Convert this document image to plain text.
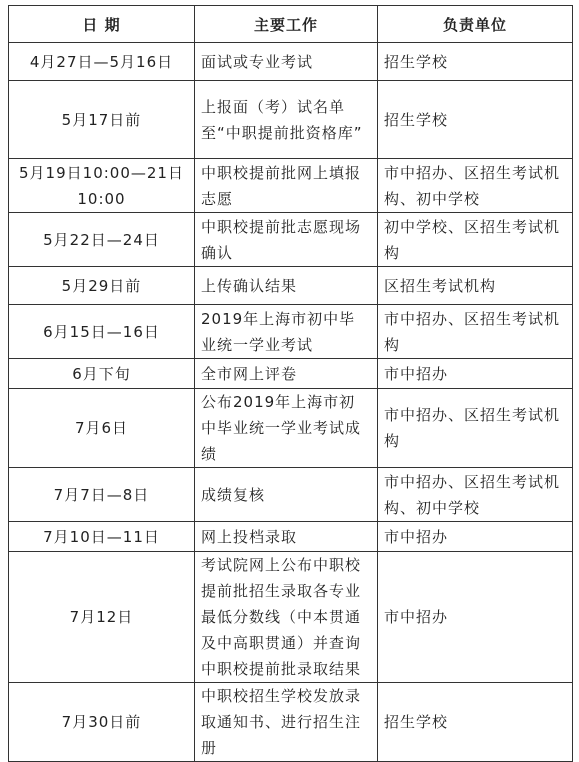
日 期	主要工作	负责单位
4月27日—5月16日	面试或专业考试	招生学校
5月17日前	上报面（考）试名单至“中职提前批资格库”	招生学校
5月19日10:00—21日10:00	中职校提前批网上填报志愿	市中招办、区招生考试机构、初中学校
5月22日—24日	中职校提前批志愿现场确认	初中学校、区招生考试机构
5月29日前	上传确认结果	区招生考试机构
6月15日—16日	2019年上海市初中毕业统一学业考试	市中招办、区招生考试机构
6月下旬	全市网上评卷	市中招办
7月6日	公布2019年上海市初中毕业统一学业考试成绩	市中招办、区招生考试机构
7月7日—8日	成绩复核	市中招办、区招生考试机构、初中学校
7月10日—11日	网上投档录取	市中招办
7月12日	考试院网上公布中职校提前批招生录取各专业最低分数线（中本贯通及中高职贯通）并查询中职校提前批录取结果	市中招办
7月30日前	中职校招生学校发放录取通知书、进行招生注册	招生学校
